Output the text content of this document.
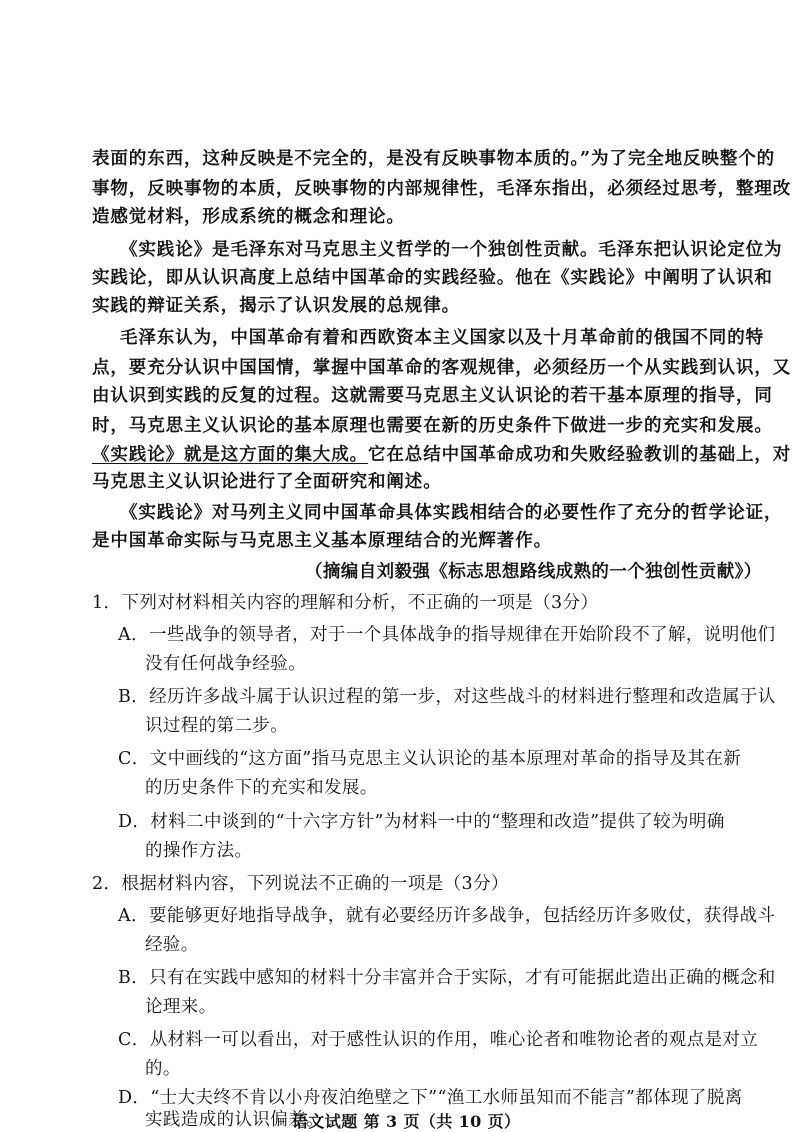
表面的东西，这种反映是不完全的，是没有反映事物本质的。”为了完全地反映整个的

事物，反映事物的本质，反映事物的内部规律性，毛泽东指出，必须经过思考，整理改

造感觉材料，形成系统的概念和理论。

《实践论》是毛泽东对马克思主义哲学的一个独创性贡献。毛泽东把认识论定位为

实践论，即从认识高度上总结中国革命的实践经验。他在《实践论》中阐明了认识和

实践的辩证关系，揭示了认识发展的总规律。

毛泽东认为，中国革命有着和西欧资本主义国家以及十月革命前的俄国不同的特

点，要充分认识中国国情，掌握中国革命的客观规律，必须经历一个从实践到认识，又

由认识到实践的反复的过程。这就需要马克思主义认识论的若干基本原理的指导，同

时，马克思主义认识论的基本原理也需要在新的历史条件下做进一步的充实和发展。

《实践论》就是这方面的集大成。它在总结中国革命成功和失败经验教训的基础上，对

马克思主义认识论进行了全面研究和阐述。

《实践论》对马列主义同中国革命具体实践相结合的必要性作了充分的哲学论证，

是中国革命实际与马克思主义基本原理结合的光辉著作。

（摘编自刘毅强《标志思想路线成熟的一个独创性贡献》）

1．下列对材料相关内容的理解和分析，不正确的一项是（3分）

A．一些战争的领导者，对于一个具体战争的指导规律在开始阶段不了解，说明他们

没有任何战争经验。

B．经历许多战斗属于认识过程的第一步，对这些战斗的材料进行整理和改造属于认

识过程的第二步。

C．文中画线的“这方面”指马克思主义认识论的基本原理对革命的指导及其在新

的历史条件下的充实和发展。

D．材料二中谈到的“十六字方针”为材料一中的“整理和改造”提供了较为明确

的操作方法。

2．根据材料内容，下列说法不正确的一项是（3分）

A．要能够更好地指导战争，就有必要经历许多战争，包括经历许多败仗，获得战斗

经验。

B．只有在实践中感知的材料十分丰富并合于实际，才有可能据此造出正确的概念和

论理来。

C．从材料一可以看出，对于感性认识的作用，唯心论者和唯物论者的观点是对立

的。

D．“士大夫终不肯以小舟夜泊绝壁之下”“渔工水师虽知而不能言”都体现了脱离

实践造成的认识偏差。

语文试题 第 3 页（共 10 页）
